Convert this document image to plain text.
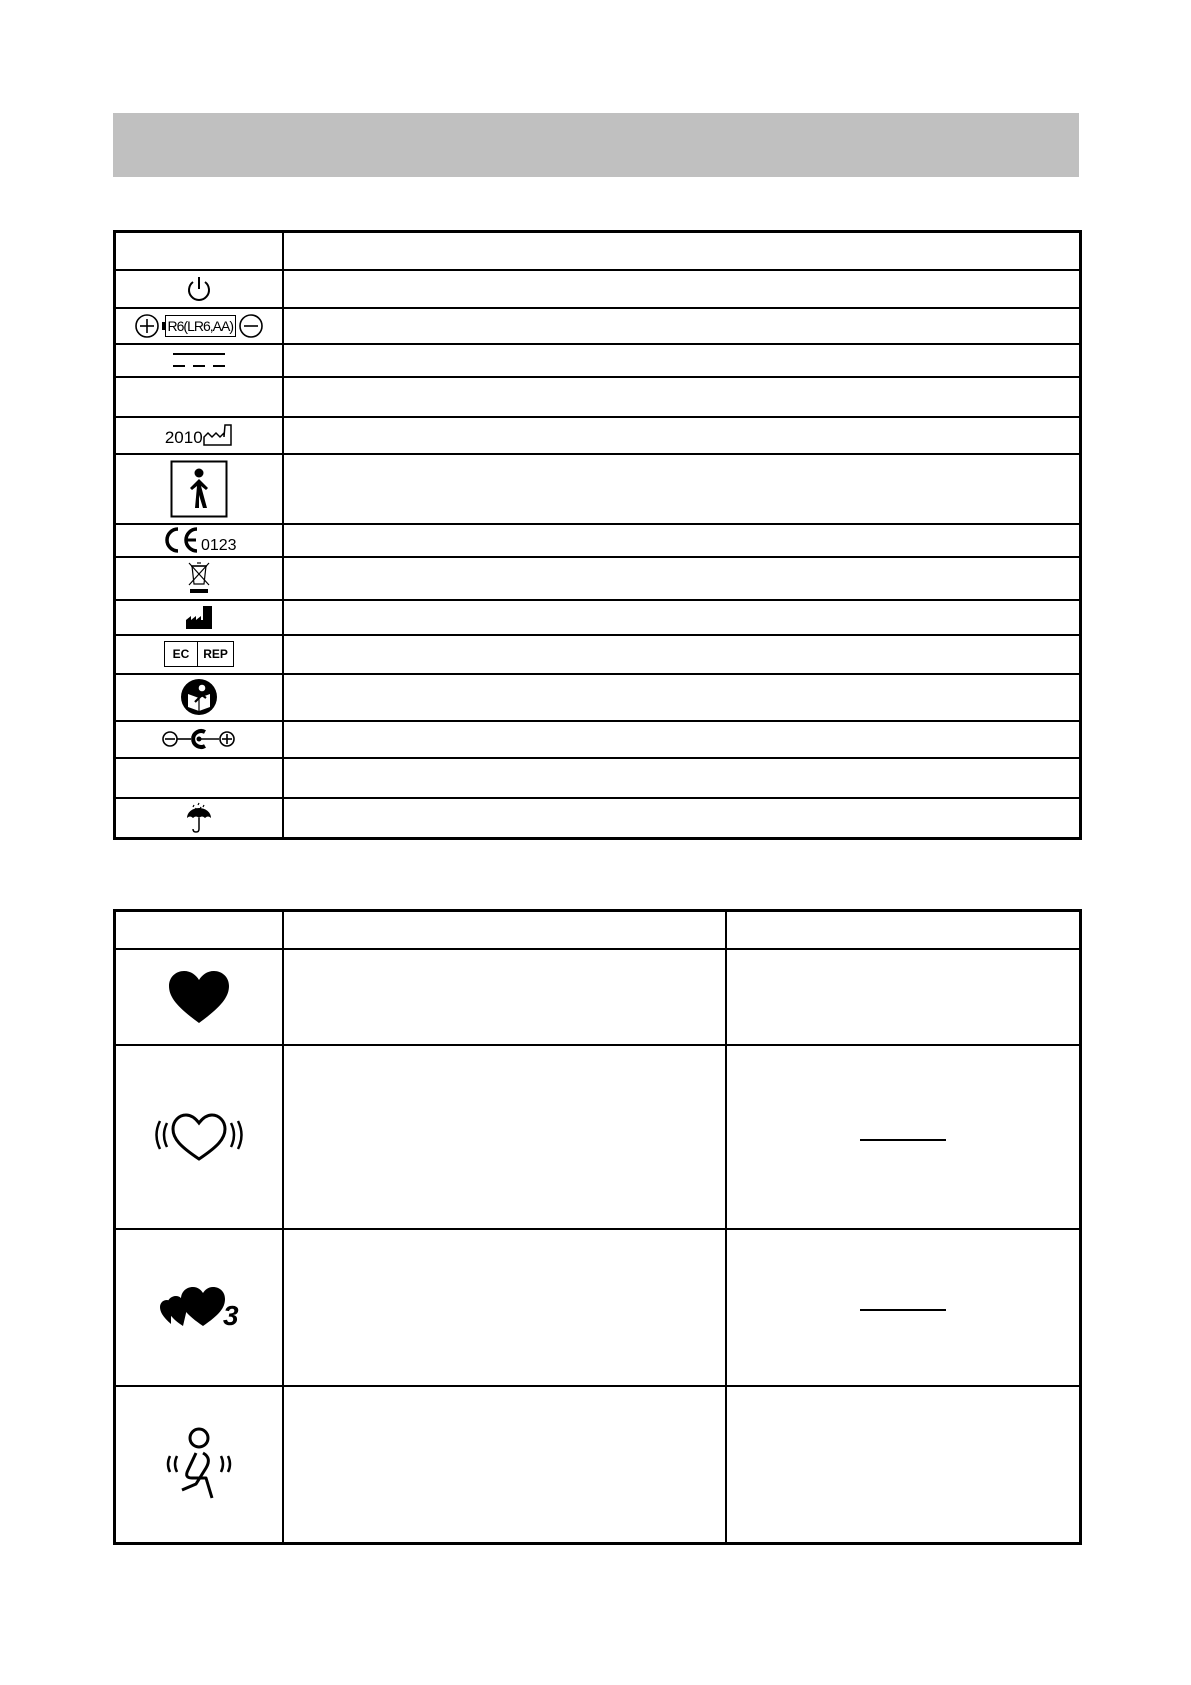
R6(LR6,AA)	

2010	

0123	

EC REP	

3		
